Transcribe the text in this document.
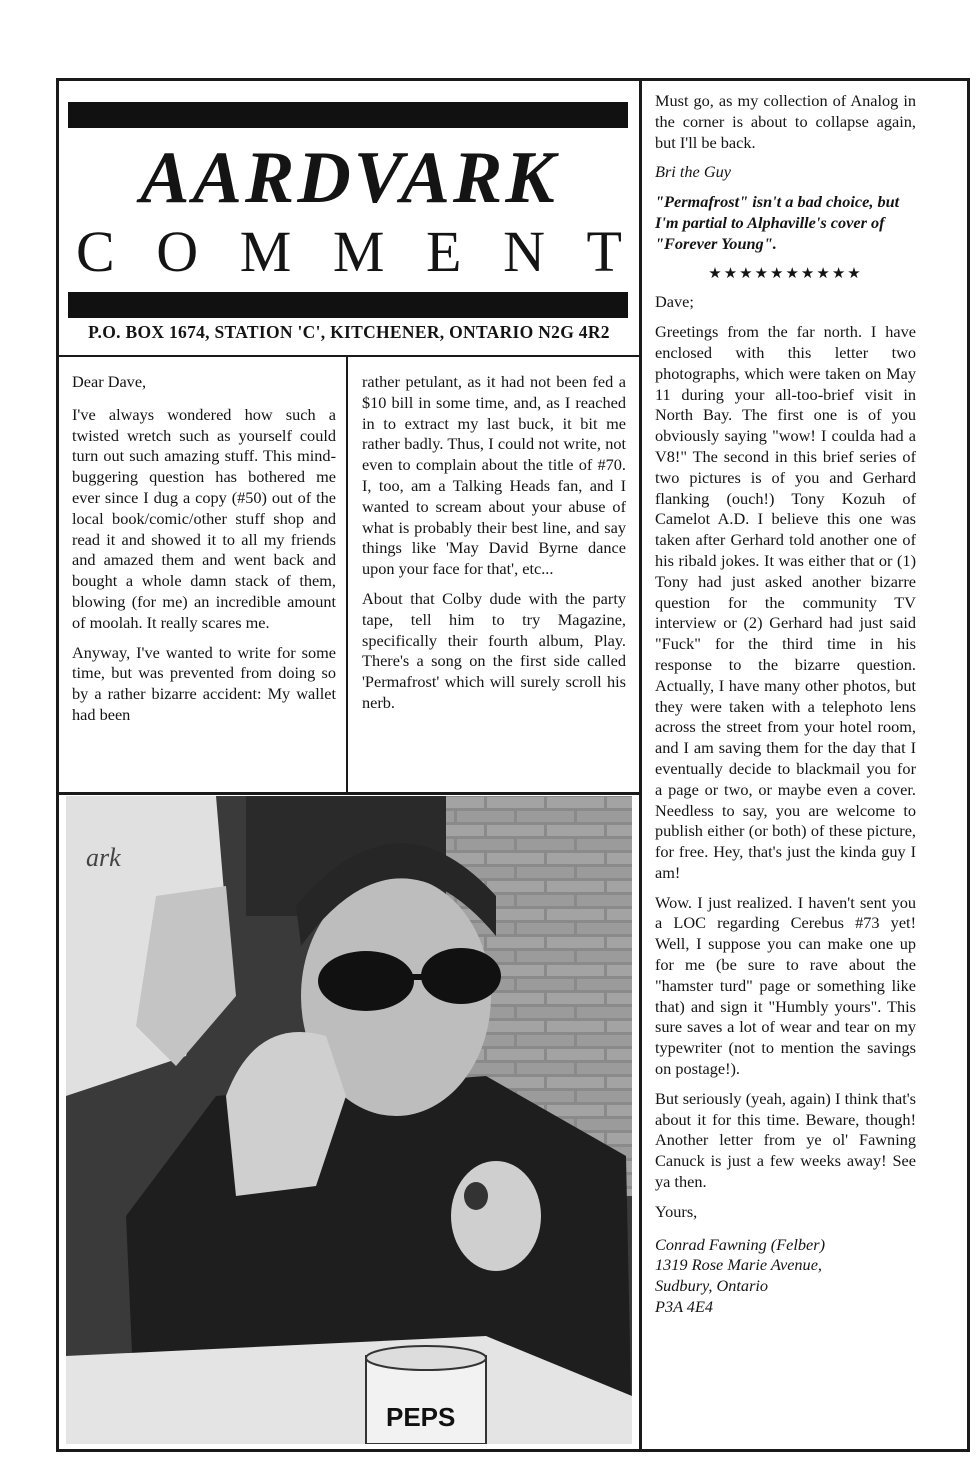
AARDVARK
C O M M E N T
P.O. BOX 1674, STATION 'C', KITCHENER, ONTARIO N2G 4R2

Dear Dave,

I've always wondered how such a twisted wretch such as yourself could turn out such amazing stuff. This mind-buggering question has bothered me ever since I dug a copy (#50) out of the local book/comic/other stuff shop and read it and showed it to all my friends and amazed them and went back and bought a whole damn stack of them, blowing (for me) an incredible amount of moolah. It really scares me.

Anyway, I've wanted to write for some time, but was prevented from doing so by a rather bizarre accident: My wallet had been

rather petulant, as it had not been fed a $10 bill in some time, and, as I reached in to extract my last buck, it bit me rather badly. Thus, I could not write, not even to complain about the title of #70. I, too, am a Talking Heads fan, and I wanted to scream about your abuse of what is probably their best line, and say things like 'May David Byrne dance upon your face for that', etc...

About that Colby dude with the party tape, tell him to try Magazine, specifically their fourth album, Play. There's a song on the first side called 'Permafrost' which will surely scroll his nerb.

PEPS
ark

Must go, as my collection of Analog in the corner is about to collapse again, but I'll be back.

Bri the Guy

"Permafrost" isn't a bad choice, but I'm partial to Alphaville's cover of "Forever Young".

★★★★★★★★★★

Dave;

Greetings from the far north. I have enclosed with this letter two photographs, which were taken on May 11 during your all-too-brief visit in North Bay. The first one is of you obviously saying "wow! I coulda had a V8!" The second in this brief series of two pictures is of you and Gerhard flanking (ouch!) Tony Kozuh of Camelot A.D. I believe this one was taken after Gerhard told another one of his ribald jokes. It was either that or (1) Tony had just asked another bizarre question for the community TV interview or (2) Gerhard had just said "Fuck" for the third time in his response to the bizarre question. Actually, I have many other photos, but they were taken with a telephoto lens across the street from your hotel room, and I am saving them for the day that I eventually decide to blackmail you for a page or two, or maybe even a cover. Needless to say, you are welcome to publish either (or both) of these picture, for free. Hey, that's just the kinda guy I am!

Wow. I just realized. I haven't sent you a LOC regarding Cerebus #73 yet! Well, I suppose you can make one up for me (be sure to rave about the "hamster turd" page or something like that) and sign it "Humbly yours". This sure saves a lot of wear and tear on my typewriter (not to mention the savings on postage!).

But seriously (yeah, again) I think that's about it for this time. Beware, though! Another letter from ye ol' Fawning Canuck is just a few weeks away! See ya then.

Yours,

Conrad Fawning (Felber)

1319 Rose Marie Avenue,

Sudbury, Ontario

P3A 4E4
